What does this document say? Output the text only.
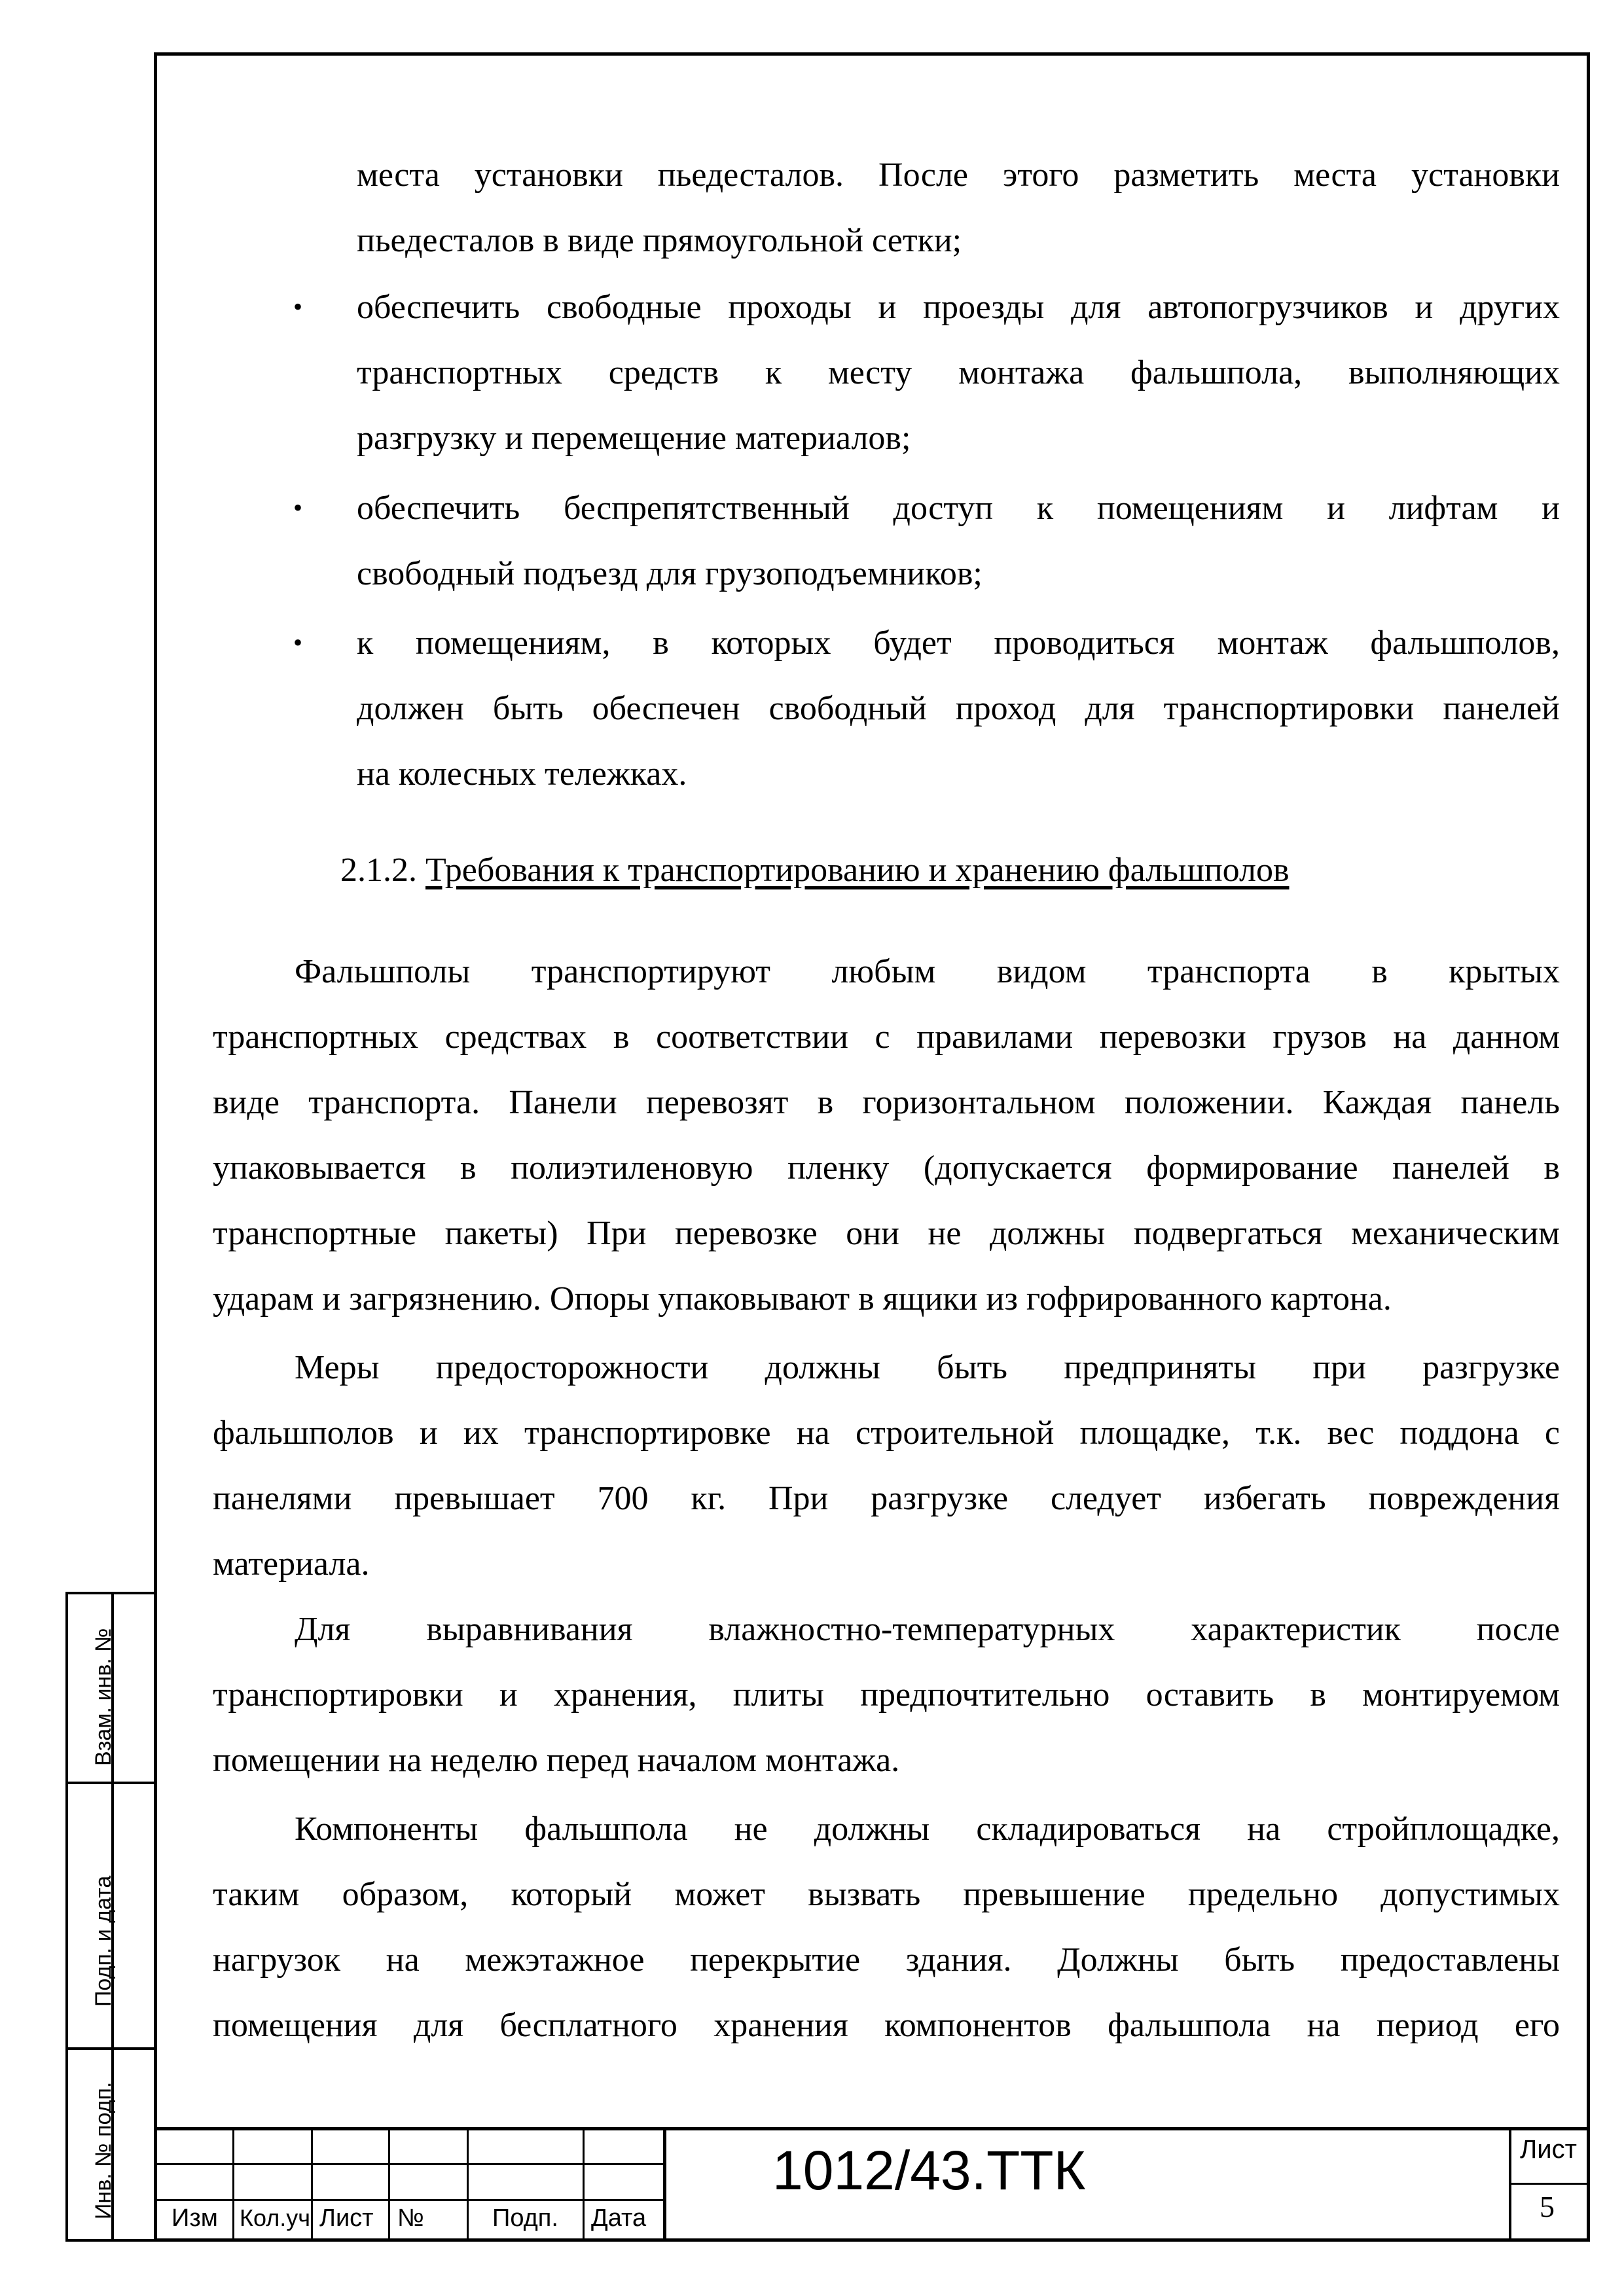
Взам. инв. №
Подп. и дата
Инв. № подп.
места установки пьедесталов. После этого разметить места установки
пьедесталов в виде прямоугольной сетки;
• обеспечить свободные проходы и проезды для автопогрузчиков и других
транспортных средств к месту монтажа фальшпола, выполняющих
разгрузку и перемещение материалов;
• обеспечить беспрепятственный доступ к помещениям и лифтам и
свободный подъезд для грузоподъемников;
• к помещениям, в которых будет проводиться монтаж фальшполов,
должен быть обеспечен свободный проход для транспортировки панелей
на колесных тележках.
2.1.2. Требования к транспортированию и хранению фальшполов
Фальшполы транспортируют любым видом транспорта в крытых
транспортных средствах в соответствии с правилами перевозки грузов на данном
виде транспорта. Панели перевозят в горизонтальном положении. Каждая панель
упаковывается в полиэтиленовую пленку (допускается формирование панелей в
транспортные пакеты) При перевозке они не должны подвергаться механическим
ударам и загрязнению. Опоры упаковывают в ящики из гофрированного картона.
Меры предосторожности должны быть предприняты при разгрузке
фальшполов и их транспортировке на строительной площадке, т.к. вес поддона с
панелями превышает 700 кг. При разгрузке следует избегать повреждения
материала.
Для выравнивания влажностно-температурных характеристик после
транспортировки и хранения, плиты предпочтительно оставить в монтируемом
помещении на неделю перед началом монтажа.
Компоненты фальшпола не должны складироваться на стройплощадке,
таким образом, который может вызвать превышение предельно допустимых
нагрузок на межэтажное перекрытие здания. Должны быть предоставлены
помещения для бесплатного хранения компонентов фальшпола на период его
Изм Кол.уч Лист №	Подп. Дата
1012/43.ТТК	Лист
5
